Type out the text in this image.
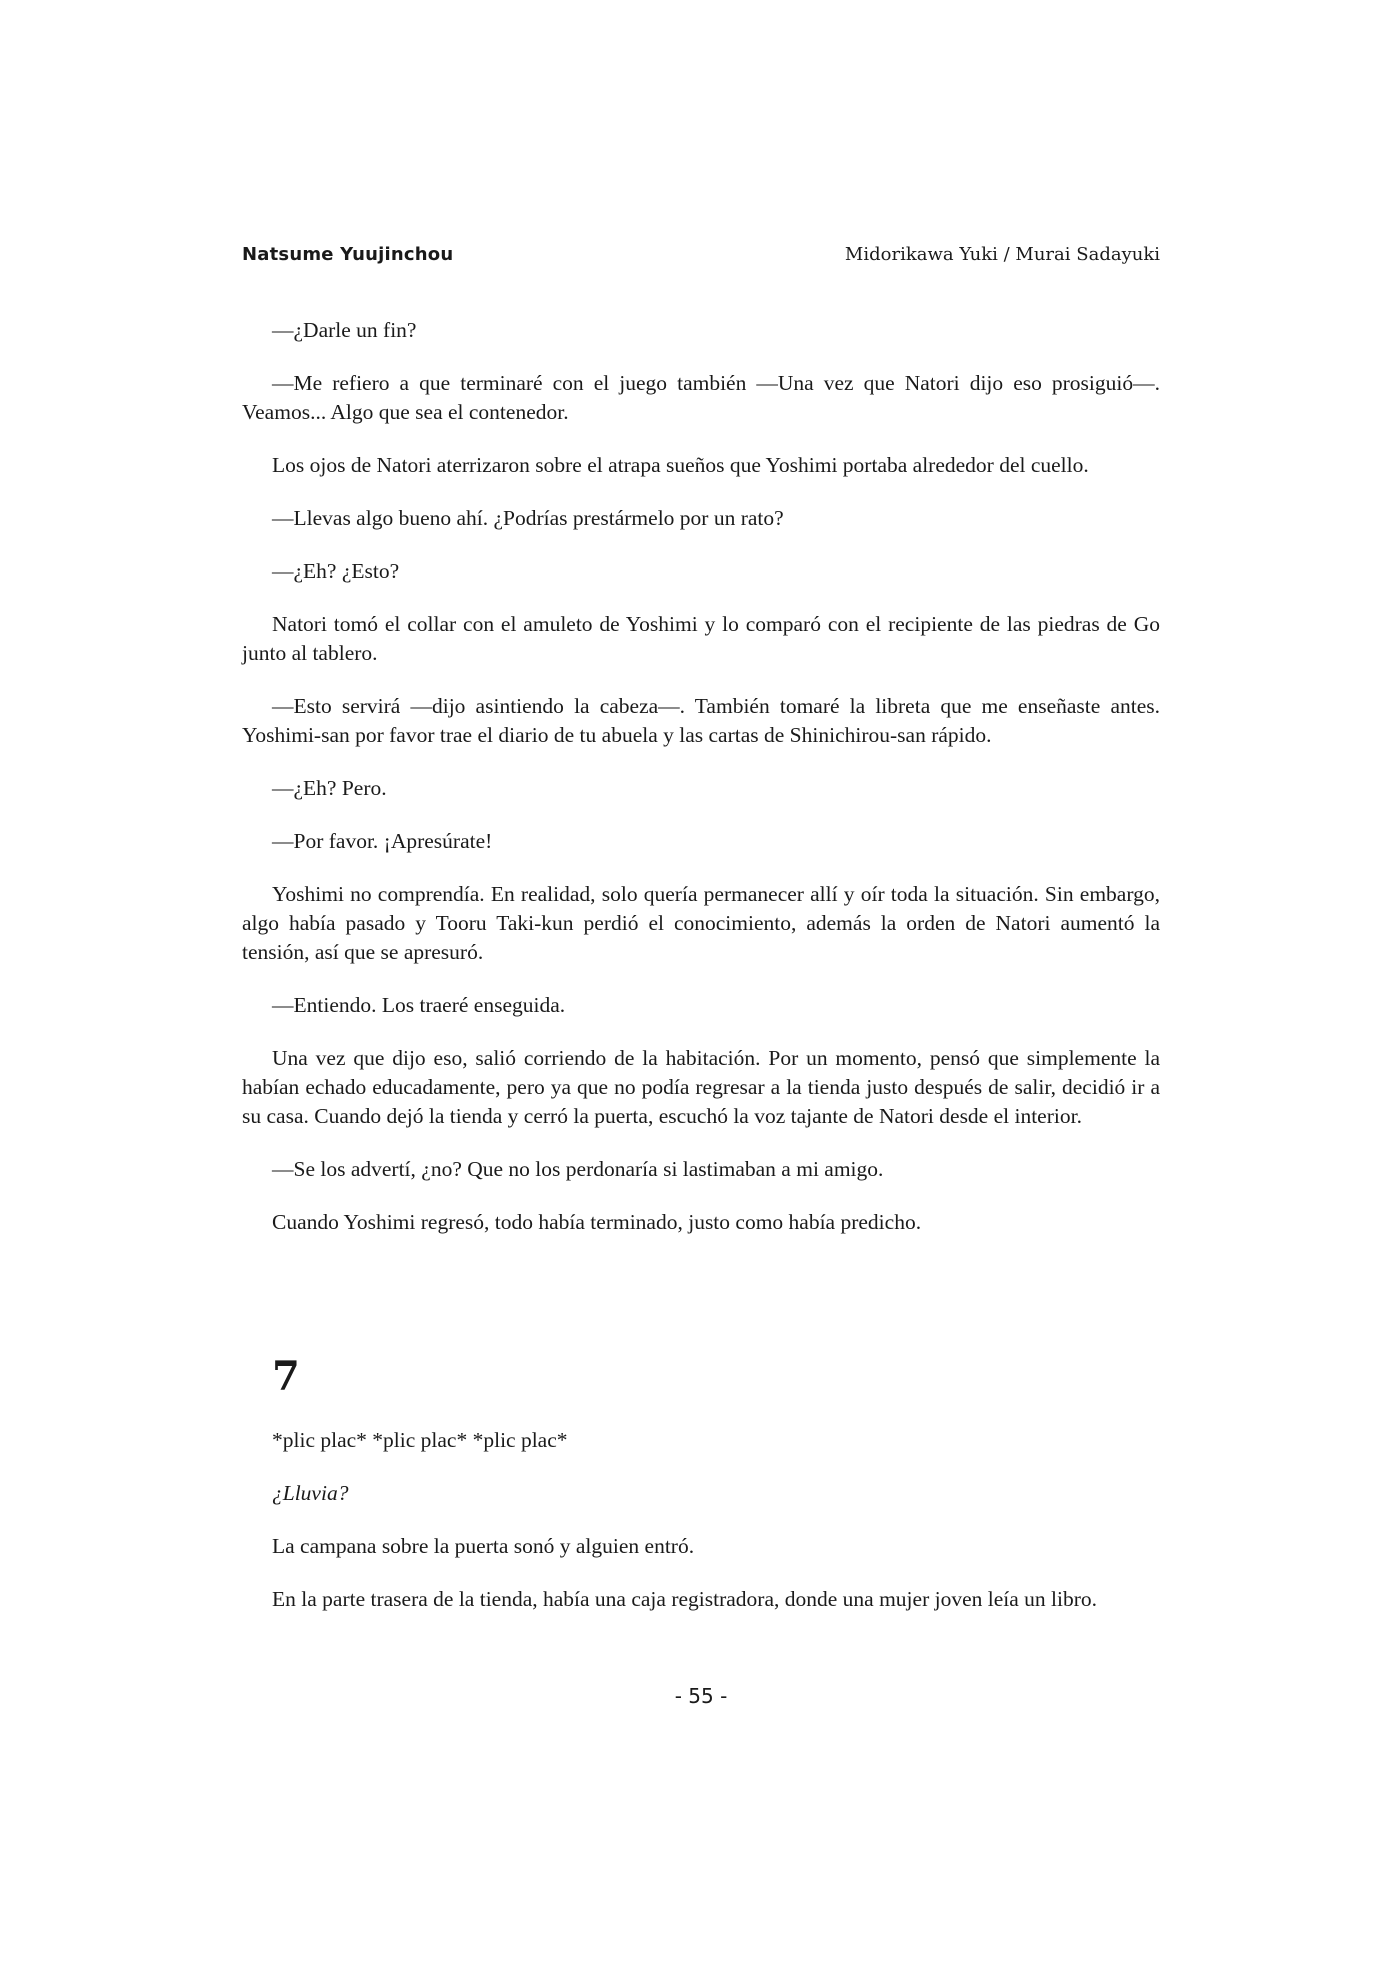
Natsume Yuujinchou	Midorikawa Yuki / Murai Sadayuki

—¿Darle un fin?

—Me refiero a que terminaré con el juego también —Una vez que Natori dijo eso prosiguió—. Veamos... Algo que sea el contenedor.

Los ojos de Natori aterrizaron sobre el atrapa sueños que Yoshimi portaba alrededor del cuello.

—Llevas algo bueno ahí. ¿Podrías prestármelo por un rato?

—¿Eh? ¿Esto?

Natori tomó el collar con el amuleto de Yoshimi y lo comparó con el recipiente de las piedras de Go junto al tablero.

—Esto servirá —dijo asintiendo la cabeza—. También tomaré la libreta que me enseñaste antes. Yoshimi-san por favor trae el diario de tu abuela y las cartas de Shinichirou-san rápido.

—¿Eh? Pero.

—Por favor. ¡Apresúrate!

Yoshimi no comprendía. En realidad, solo quería permanecer allí y oír toda la situación. Sin embargo, algo había pasado y Tooru Taki-kun perdió el conocimiento, además la orden de Natori aumentó la tensión, así que se apresuró.

—Entiendo. Los traeré enseguida.

Una vez que dijo eso, salió corriendo de la habitación. Por un momento, pensó que simplemente la habían echado educadamente, pero ya que no podía regresar a la tienda justo después de salir, decidió ir a su casa. Cuando dejó la tienda y cerró la puerta, escuchó la voz tajante de Natori desde el interior.

—Se los advertí, ¿no? Que no los perdonaría si lastimaban a mi amigo.

Cuando Yoshimi regresó, todo había terminado, justo como había predicho.

7

*plic plac* *plic plac* *plic plac*

¿Lluvia?

La campana sobre la puerta sonó y alguien entró.

En la parte trasera de la tienda, había una caja registradora, donde una mujer joven leía un libro.

- 55 -
